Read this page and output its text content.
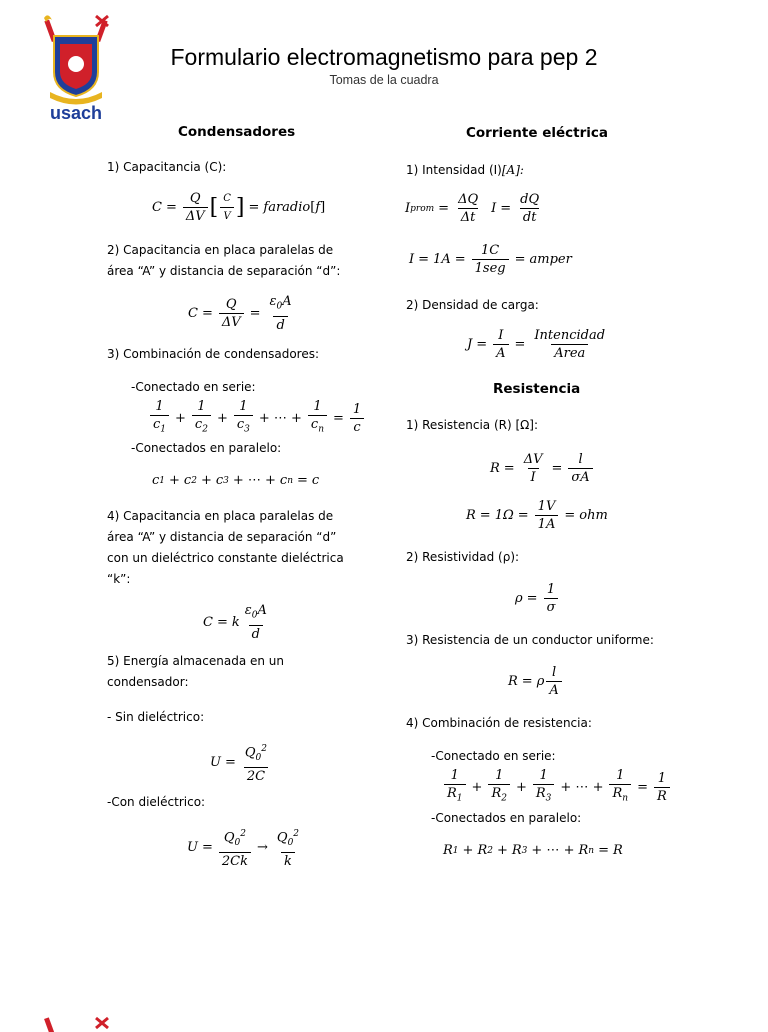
usach
Formulario electromagnetismo para pep 2
Tomas de la cuadra
Condensadores
1) Capacitancia (C):
$C = \frac{Q}{\Delta V}$ [ $\frac{C}{V}$ ] = faradio [ f ]
2) Capacitancia en placa paralelas de
área “A” y distancia de separación “d”:
$C = \frac{Q}{\Delta V} = \frac{\varepsilon_0A}{d}$
3) Combinación de condensadores:
-Conectado en serie:
$\frac{1}{c_1} + \frac{1}{c_2} + \frac{1}{c_3}$ + ⋯ + $\frac{1}{c_n} = \frac{1}{c}$
-Conectados en paralelo:
c 1 + c 2 + c 3 + ⋯ + c n = c
4) Capacitancia en placa paralelas de
área “A” y distancia de separación “d”
con un dieléctrico constante dieléctrica
“k”:
C = k $\frac{\varepsilon_0A}{d}$
5) Energía almacenada en un
condensador:
- Sin dieléctrico:
$U = \frac{Q_0^2}{2C}$
-Con dieléctrico:
$U = \frac{Q_0^2}{2Ck} \to \frac{Q_0^2}{k}$
Corriente eléctrica
1) Intensidad (I)[A]:
I prom = $\frac{\Delta Q}{\Delta t}$ $I = \frac{dQ}{dt}$
$I = 1A = \frac{1C}{\text{1seg}}$ = amper
2) Densidad de carga:
$J = \frac{I}{A} = \frac{\text{Intencidad}}{\text{Area}}$
Resistencia
1) Resistencia (R) [Ω]:
$R = \frac{\Delta V}{I} = \frac{l}{\sigma A}$
$R = 1\Omega = \frac{1V}{1A}$ = ohm
2) Resistividad (ρ):
$\rho = \frac{1}{\sigma}$
3) Resistencia de un conductor uniforme:
R = ρ $\frac{l}{A}$
4) Combinación de resistencia:
-Conectado en serie:
$\frac{1}{R_1} + \frac{1}{R_2} + \frac{1}{R_3}$ + ⋯ + $\frac{1}{R_n} = \frac{1}{R}$
-Conectados en paralelo:
R 1 + R 2 + R 3 + ⋯ + R n = R
